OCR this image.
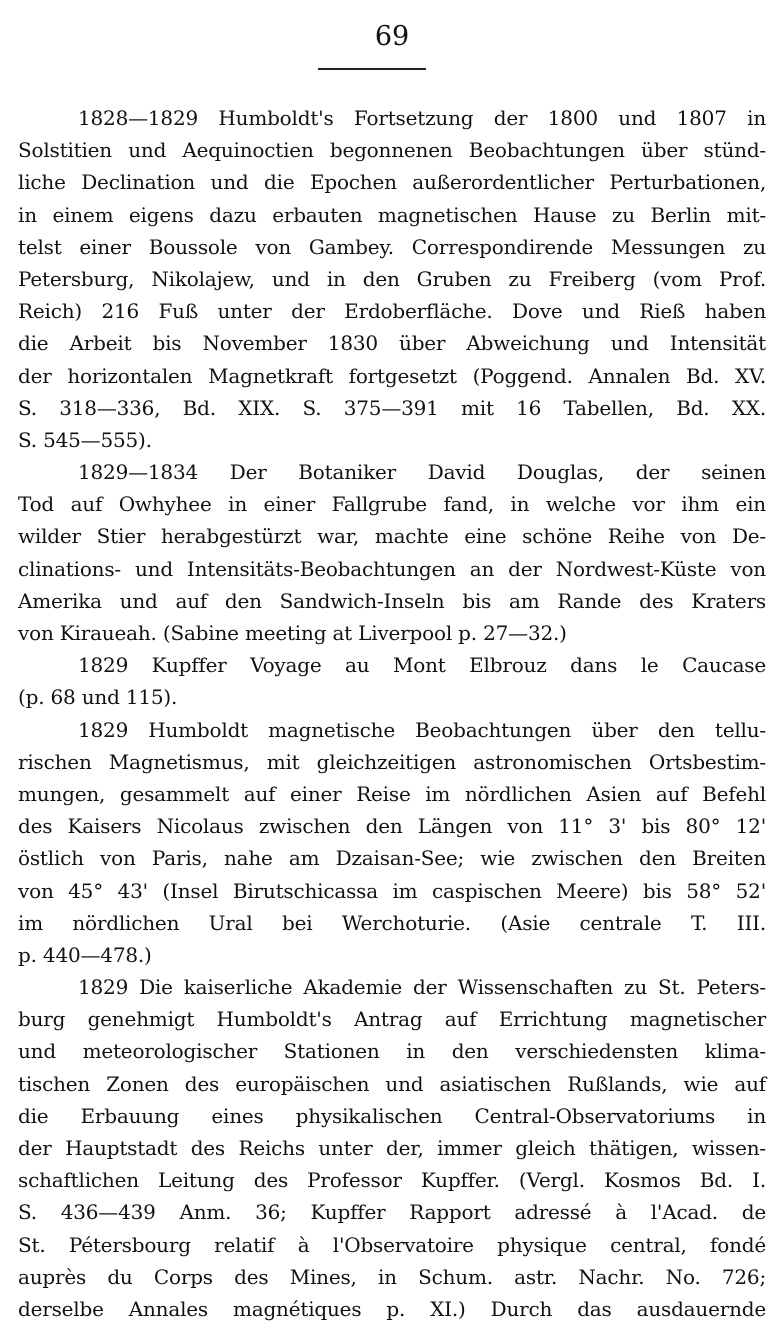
69
1828—1829 Humboldt's Fortsetzung der 1800 und 1807 in
Solstitien und Aequinoctien begonnenen Beobachtungen über stünd-
liche Declination und die Epochen außerordentlicher Perturbationen,
in einem eigens dazu erbauten magnetischen Hause zu Berlin mit-
telst einer Boussole von Gambey. Correspondirende Messungen zu
Petersburg, Nikolajew, und in den Gruben zu Freiberg (vom Prof.
Reich) 216 Fuß unter der Erdoberfläche. Dove und Rieß haben
die Arbeit bis November 1830 über Abweichung und Intensität
der horizontalen Magnetkraft fortgesetzt (Poggend. Annalen Bd. XV.
S. 318—336, Bd. XIX. S. 375—391 mit 16 Tabellen, Bd. XX.
S. 545—555).
1829—1834 Der Botaniker David Douglas, der seinen
Tod auf Owhyhee in einer Fallgrube fand, in welche vor ihm ein
wilder Stier herabgestürzt war, machte eine schöne Reihe von De-
clinations- und Intensitäts-Beobachtungen an der Nordwest-Küste von
Amerika und auf den Sandwich-Inseln bis am Rande des Kraters
von Kiraueah. (Sabine meeting at Liverpool p. 27—32.)
1829 Kupffer Voyage au Mont Elbrouz dans le Caucase
(p. 68 und 115).
1829 Humboldt magnetische Beobachtungen über den tellu-
rischen Magnetismus, mit gleichzeitigen astronomischen Ortsbestim-
mungen, gesammelt auf einer Reise im nördlichen Asien auf Befehl
des Kaisers Nicolaus zwischen den Längen von 11° 3' bis 80° 12'
östlich von Paris, nahe am Dzaisan-See; wie zwischen den Breiten
von 45° 43' (Insel Birutschicassa im caspischen Meere) bis 58° 52'
im nördlichen Ural bei Werchoturie. (Asie centrale T. III.
p. 440—478.)
1829 Die kaiserliche Akademie der Wissenschaften zu St. Peters-
burg genehmigt Humboldt's Antrag auf Errichtung magnetischer
und meteorologischer Stationen in den verschiedensten klima-
tischen Zonen des europäischen und asiatischen Rußlands, wie auf
die Erbauung eines physikalischen Central-Observatoriums in
der Hauptstadt des Reichs unter der, immer gleich thätigen, wissen-
schaftlichen Leitung des Professor Kupffer. (Vergl. Kosmos Bd. I.
S. 436—439 Anm. 36; Kupffer Rapport adressé à l'Acad. de
St. Pétersbourg relatif à l'Observatoire physique central, fondé
auprès du Corps des Mines, in Schum. astr. Nachr. No. 726;
derselbe Annales magnétiques p. XI.) Durch das ausdauernde
